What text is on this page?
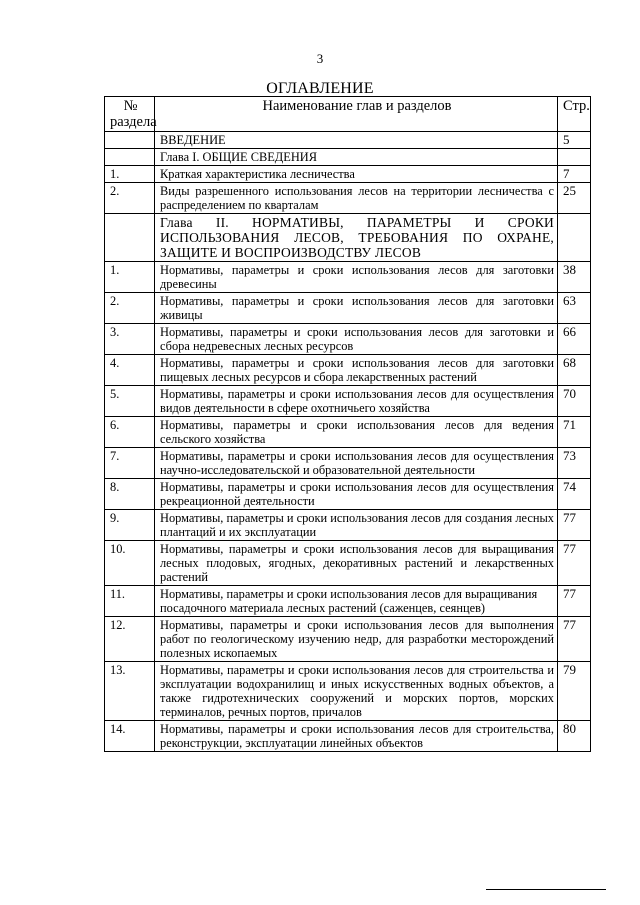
3
ОГЛАВЛЕНИЕ
№ раздела	Наименование глав и разделов	Стр.
	ВВЕДЕНИЕ	5
	Глава I. ОБЩИЕ СВЕДЕНИЯ	
1.	Краткая характеристика лесничества	7
2.	Виды разрешенного использования лесов на территории лесничества с распределением по кварталам	25
	Глава II. НОРМАТИВЫ, ПАРАМЕТРЫ И СРОКИ ИСПОЛЬЗОВАНИЯ ЛЕСОВ, ТРЕБОВАНИЯ ПО ОХРАНЕ, ЗАЩИТЕ И ВОСПРОИЗВОДСТВУ ЛЕСОВ	
1.	Нормативы, параметры и сроки использования лесов для заготовки древесины	38
2.	Нормативы, параметры и сроки использования лесов для заготовки живицы	63
3.	Нормативы, параметры и сроки использования лесов для заготовки и сбора недревесных лесных ресурсов	66
4.	Нормативы, параметры и сроки использования лесов для заготовки пищевых лесных ресурсов и сбора лекарственных растений	68
5.	Нормативы, параметры и сроки использования лесов для осуществления видов деятельности в сфере охотничьего хозяйства	70
6.	Нормативы, параметры и сроки использования лесов для ведения сельского хозяйства	71
7.	Нормативы, параметры и сроки использования лесов для осуществления научно-исследовательской и образовательной деятельности	73
8.	Нормативы, параметры и сроки использования лесов для осуществления рекреационной деятельности	74
9.	Нормативы, параметры и сроки использования лесов для создания лесных плантаций и их эксплуатации	77
10.	Нормативы, параметры и сроки использования лесов для выращивания лесных плодовых, ягодных, декоративных растений и лекарственных растений	77
11.	Нормативы, параметры и сроки использования лесов для выращивания посадочного материала лесных растений (саженцев, сеянцев)	77
12.	Нормативы, параметры и сроки использования лесов для выполнения работ по геологическому изучению недр, для разработки месторождений полезных ископаемых	77
13.	Нормативы, параметры и сроки использования лесов для строительства и эксплуатации водохранилищ и иных искусственных водных объектов, а также гидротехнических сооружений и морских портов, морских терминалов, речных портов, причалов	79
14.	Нормативы, параметры и сроки использования лесов для строительства, реконструкции, эксплуатации линейных объектов	80
